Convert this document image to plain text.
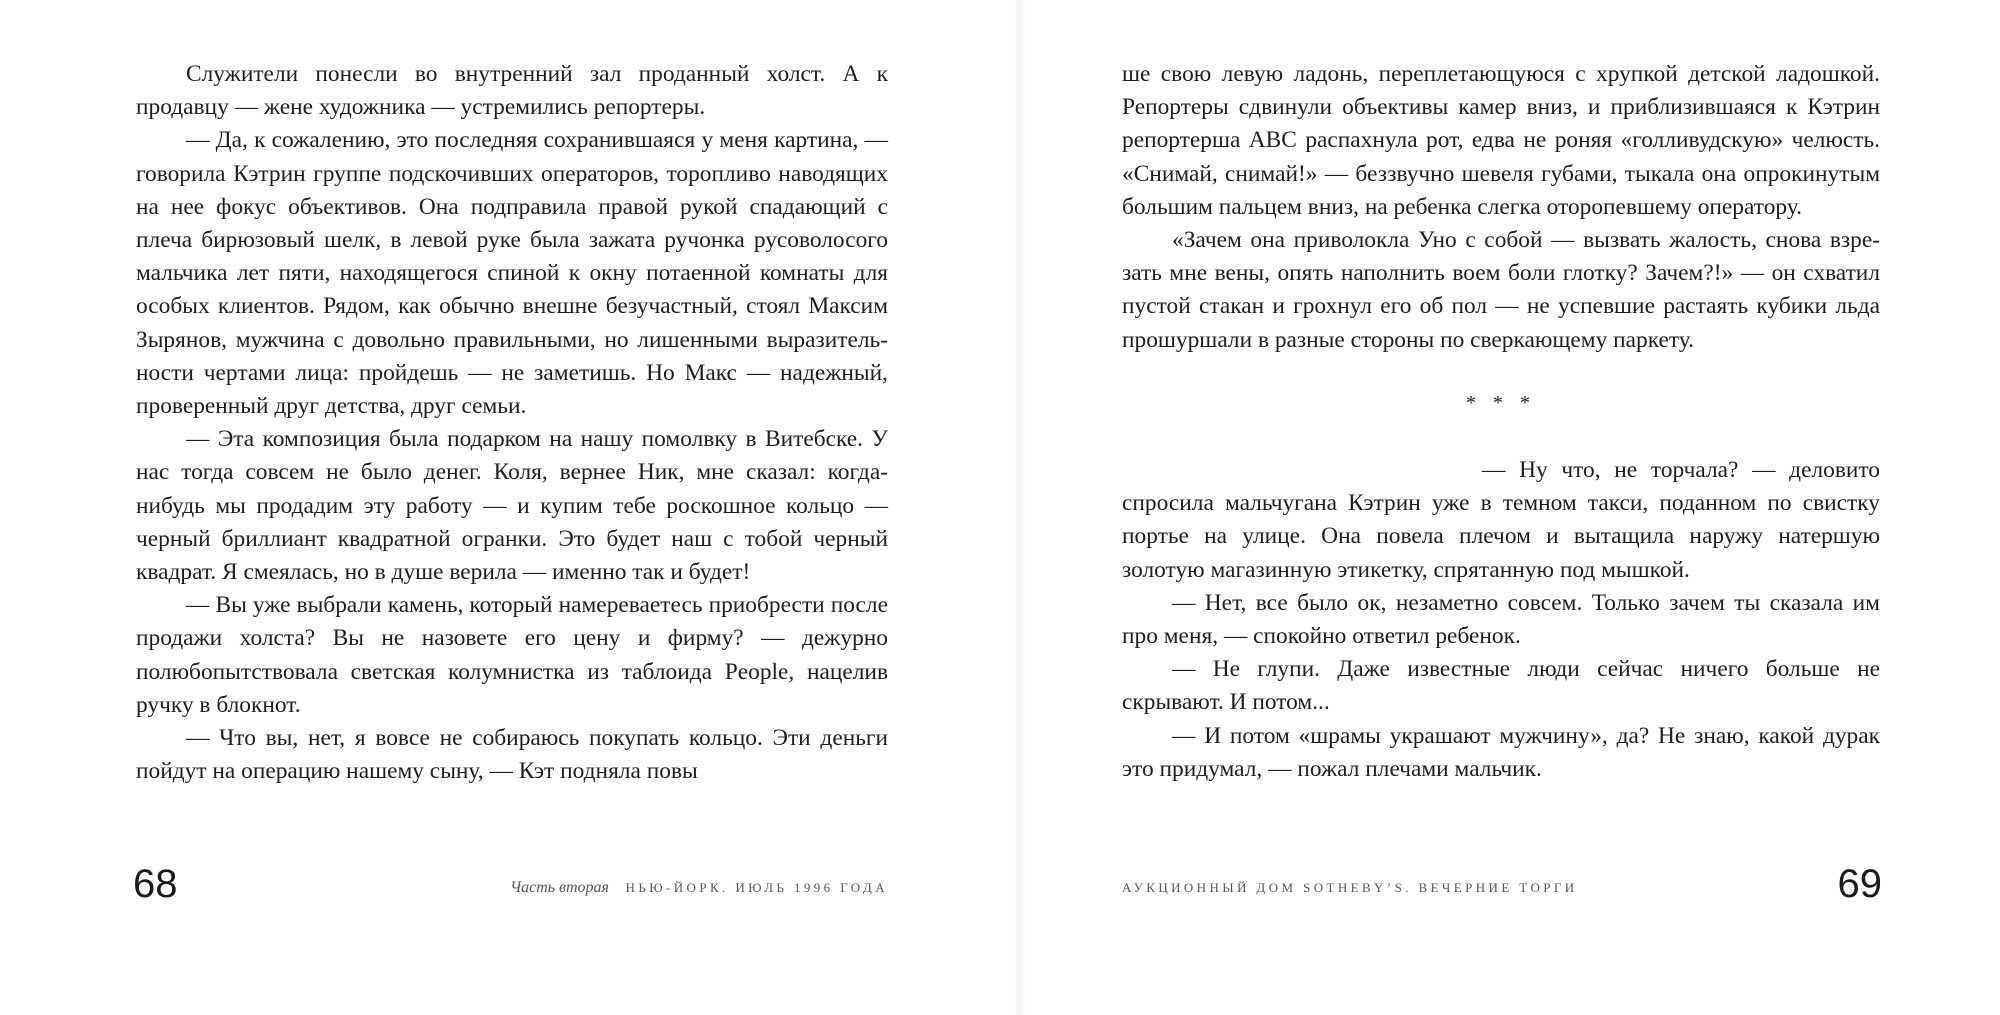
Служители понесли во внутренний зал проданный холст. А к продавцу — жене художника — устремились репортеры.

— Да, к сожалению, это последняя сохранившаяся у меня картина, — говорила Кэтрин группе подскочивших операторов, торопливо наводящих на нее фокус объективов. Она подправила правой рукой спадающий с плеча бирюзовый шелк, в левой руке была зажата ручонка русоволосого мальчика лет пяти, находящегося спиной к окну потаенной комнаты для особых клиентов. Рядом, как обычно внешне безучастный, стоял Максим Зырянов, мужчина с довольно правильными, но лишенными выразительности чертами лица: пройдешь — не заметишь. Но Макс — надежный, проверенный друг детства, друг семьи.

— Эта композиция была подарком на нашу помолвку в Витебске. У нас тогда совсем не было денег. Коля, вернее Ник, мне сказал: когда-нибудь мы продадим эту работу — и купим тебе роскошное кольцо — черный бриллиант квадратной огранки. Это будет наш с тобой черный квадрат. Я смеялась, но в душе верила — именно так и будет!

— Вы уже выбрали камень, который намереваетесь приобрести после продажи холста? Вы не назовете его цену и фирму? — дежурно полюбопытствовала светская колумнистка из таблоида People, нацелив ручку в блокнот.

— Что вы, нет, я вовсе не собираюсь покупать кольцо. Эти деньги пойдут на операцию нашему сыну, — Кэт подняла повы

68	Часть вторая НЬЮ-ЙОРК. ИЮЛЬ 1996 ГОДА

ше свою левую ладонь, переплетающуюся с хрупкой детской ладошкой. Репортеры сдвинули объективы камер вниз, и приблизившаяся к Кэтрин репортерша ABC распахнула рот, едва не роняя «голливудскую» челюсть. «Снимай, снимай!» — беззвучно шевеля губами, тыкала она опрокинутым большим пальцем вниз, на ребенка слегка оторопевшему оператору.

«Зачем она приволокла Уно с собой — вызвать жалость, снова взрезать мне вены, опять наполнить воем боли глотку? Зачем?!» — он схватил пустой стакан и грохнул его об пол — не успевшие растаять кубики льда прошуршали в разные стороны по сверкающему паркету.

* * *

— Ну что, не торчала? — деловито спросила мальчугана Кэтрин уже в темном такси, поданном по свистку портье на улице. Она повела плечом и вытащила наружу натершую золотую магазинную этикетку, спрятанную под мышкой.

— Нет, все было ок, незаметно совсем. Только зачем ты сказала им про меня, — спокойно ответил ребенок.

— Не глупи. Даже известные люди сейчас ничего больше не скрывают. И потом...

— И потом «шрамы украшают мужчину», да? Не знаю, какой дурак это придумал, — пожал плечами мальчик.

АУКЦИОННЫЙ ДОМ SOTHEBY’S. ВЕЧЕРНИЕ ТОРГИ	69
